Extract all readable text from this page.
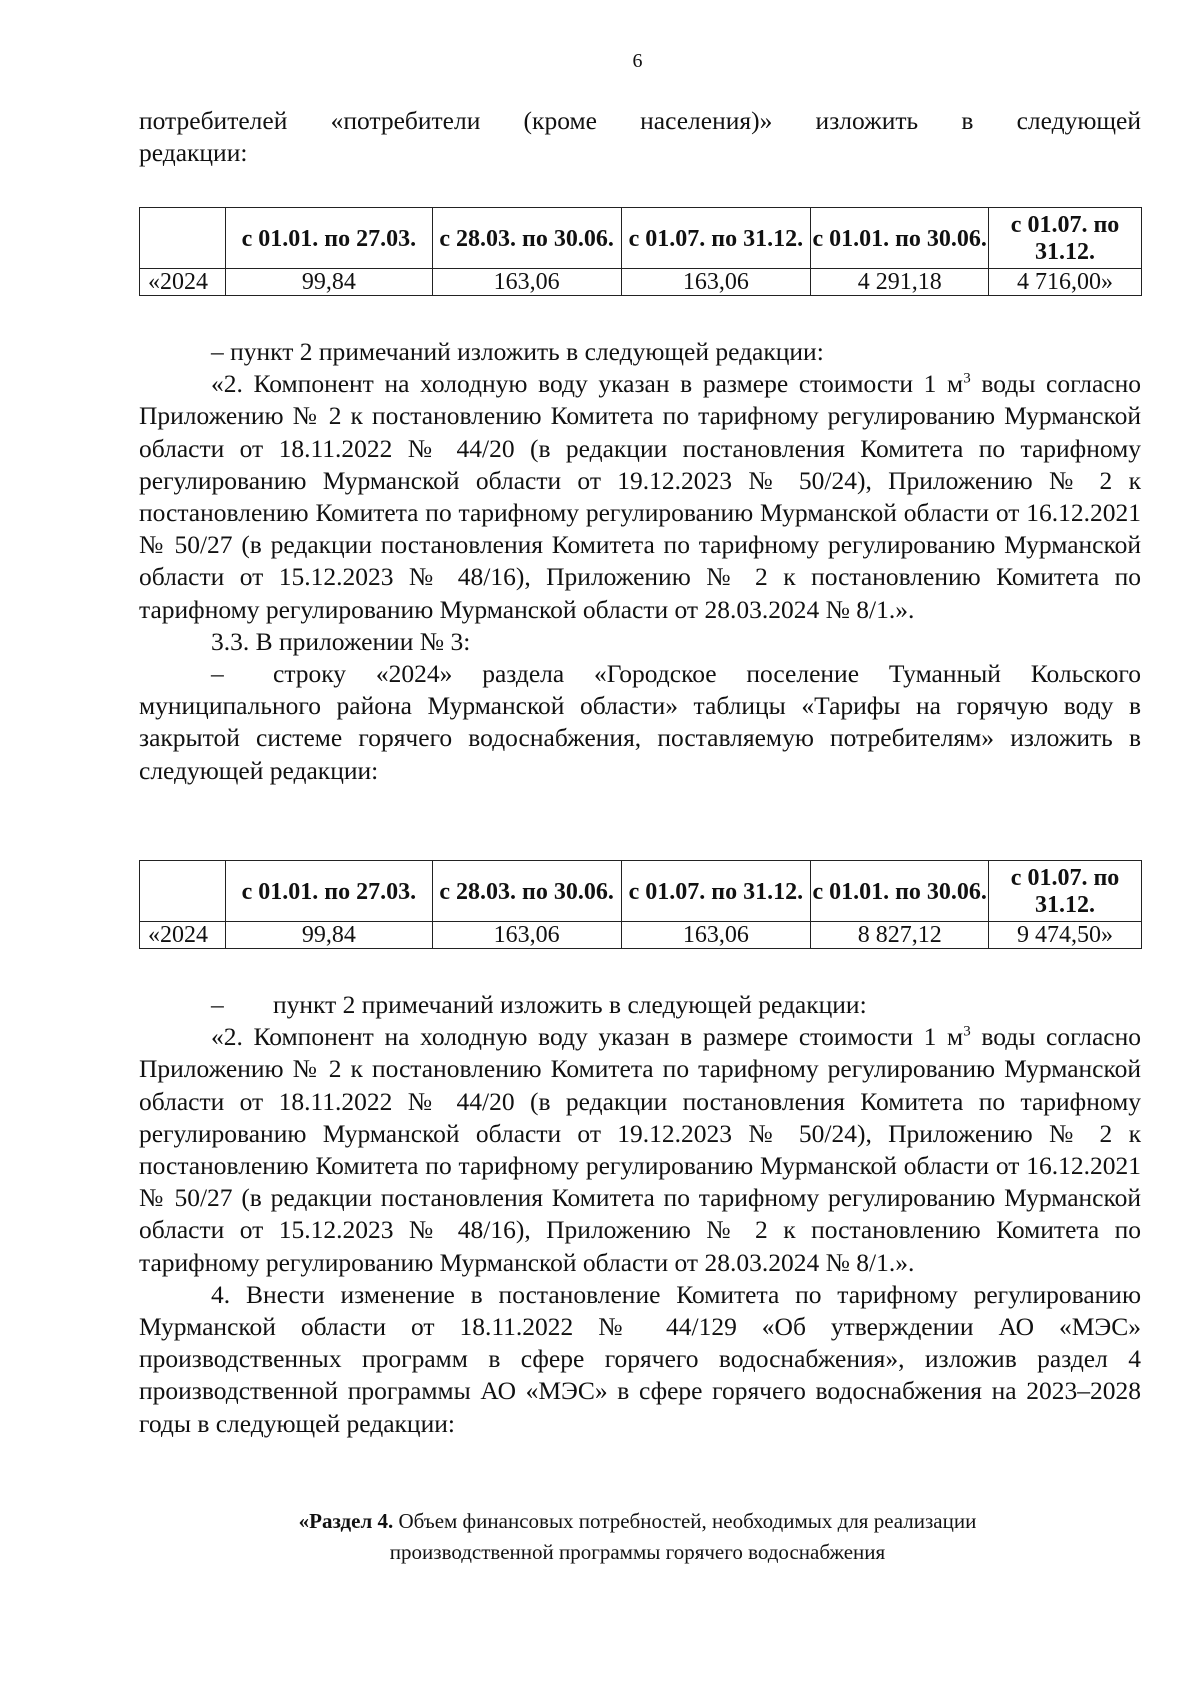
6

потребителей «потребители (кроме населения)» изложить в следующей

редакции:

	с 01.01. по 27.03.	с 28.03. по 30.06.	с 01.07. по 31.12.	с 01.01. по 30.06.	с 01.07. по 31.12.
«2024	99,84	163,06	163,06	4 291,18	4 716,00»

– пункт 2 примечаний изложить в следующей редакции:

«2. Компонент на холодную воду указан в размере стоимости 1 $м^3$ воды согласно Приложению № 2 к постановлению Комитета по тарифному регулированию Мурманской области от 18.11.2022 № 44/20 (в редакции постановления Комитета по тарифному регулированию Мурманской области от 19.12.2023 № 50/24), Приложению № 2 к постановлению Комитета по тарифному регулированию Мурманской области от 16.12.2021 № 50/27 (в редакции постановления Комитета по тарифному регулированию Мурманской области от 15.12.2023 № 48/16), Приложению № 2 к постановлению Комитета по тарифному регулированию Мурманской области от 28.03.2024 № 8/1.».

3.3. В приложении № 3:

– строку «2024» раздела «Городское поселение Туманный Кольского муниципального района Мурманской области» таблицы «Тарифы на горячую воду в закрытой системе горячего водоснабжения, поставляемую потребителям» изложить в следующей редакции:

	с 01.01. по 27.03.	с 28.03. по 30.06.	с 01.07. по 31.12.	с 01.01. по 30.06.	с 01.07. по 31.12.
«2024	99,84	163,06	163,06	8 827,12	9 474,50»

– пункт 2 примечаний изложить в следующей редакции:

«2. Компонент на холодную воду указан в размере стоимости 1 $м^3$ воды согласно Приложению № 2 к постановлению Комитета по тарифному регулированию Мурманской области от 18.11.2022 № 44/20 (в редакции постановления Комитета по тарифному регулированию Мурманской области от 19.12.2023 № 50/24), Приложению № 2 к постановлению Комитета по тарифному регулированию Мурманской области от 16.12.2021 № 50/27 (в редакции постановления Комитета по тарифному регулированию Мурманской области от 15.12.2023 № 48/16), Приложению № 2 к постановлению Комитета по тарифному регулированию Мурманской области от 28.03.2024 № 8/1.».

4. Внести изменение в постановление Комитета по тарифному регулированию Мурманской области от 18.11.2022 № 44/129 «Об утверждении АО «МЭС» производственных программ в сфере горячего водоснабжения», изложив раздел 4 производственной программы АО «МЭС» в сфере горячего водоснабжения на 2023–2028 годы в следующей редакции:

«Раздел 4. Объем финансовых потребностей, необходимых для реализации
производственной программы горячего водоснабжения
